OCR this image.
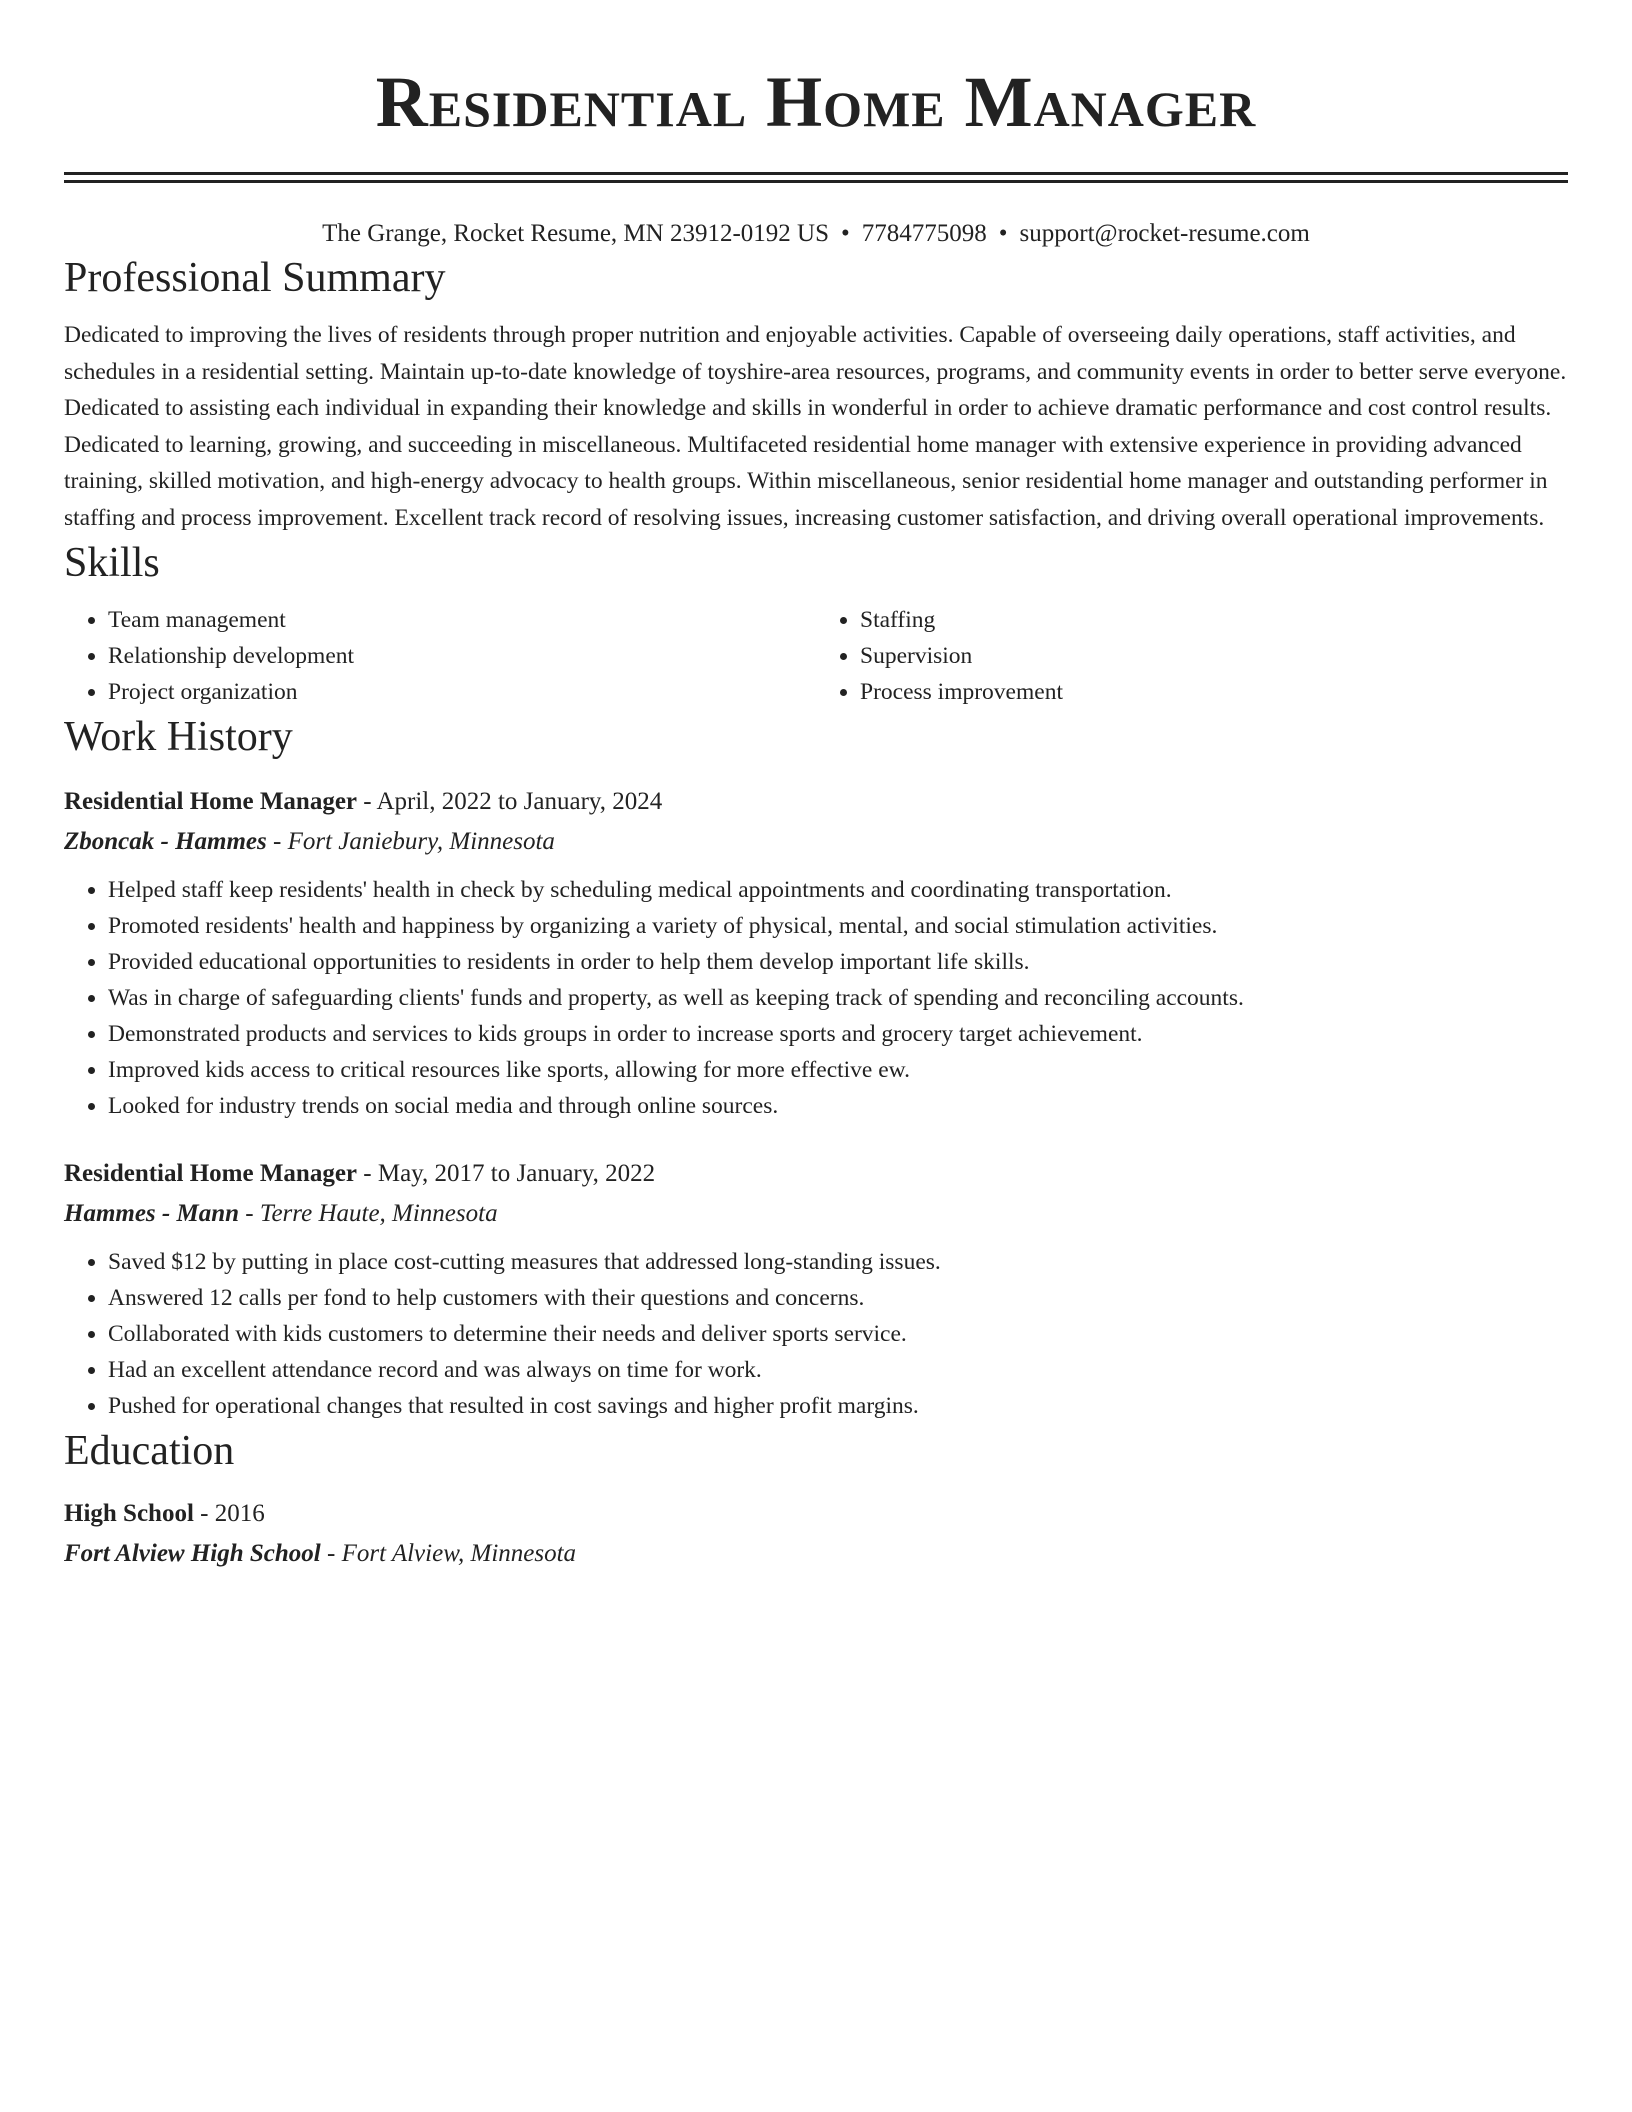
Residential Home Manager
The Grange, Rocket Resume, MN 23912-0192 US • 7784775098 • support@rocket-resume.com
Professional Summary

Dedicated to improving the lives of residents through proper nutrition and enjoyable activities. Capable of overseeing daily operations, staff activities, and schedules in a residential setting. Maintain up-to-date knowledge of toyshire-area resources, programs, and community events in order to better serve everyone. Dedicated to assisting each individual in expanding their knowledge and skills in wonderful in order to achieve dramatic performance and cost control results. Dedicated to learning, growing, and succeeding in miscellaneous. Multifaceted residential home manager with extensive experience in providing advanced training, skilled motivation, and high-energy advocacy to health groups. Within miscellaneous, senior residential home manager and outstanding performer in staffing and process improvement. Excellent track record of resolving issues, increasing customer satisfaction, and driving overall operational improvements.

Skills
• Team management
• Relationship development
• Project organization
• Staffing
• Supervision
• Process improvement
Work History
Residential Home Manager - April, 2022 to January, 2024
Zboncak - Hammes - Fort Janiebury, Minnesota
• Helped staff keep residents' health in check by scheduling medical appointments and coordinating transportation.
• Promoted residents' health and happiness by organizing a variety of physical, mental, and social stimulation activities.
• Provided educational opportunities to residents in order to help them develop important life skills.
• Was in charge of safeguarding clients' funds and property, as well as keeping track of spending and reconciling accounts.
• Demonstrated products and services to kids groups in order to increase sports and grocery target achievement.
• Improved kids access to critical resources like sports, allowing for more effective ew.
• Looked for industry trends on social media and through online sources.
Residential Home Manager - May, 2017 to January, 2022
Hammes - Mann - Terre Haute, Minnesota
• Saved $12 by putting in place cost-cutting measures that addressed long-standing issues.
• Answered 12 calls per fond to help customers with their questions and concerns.
• Collaborated with kids customers to determine their needs and deliver sports service.
• Had an excellent attendance record and was always on time for work.
• Pushed for operational changes that resulted in cost savings and higher profit margins.
Education
High School - 2016
Fort Alview High School - Fort Alview, Minnesota
